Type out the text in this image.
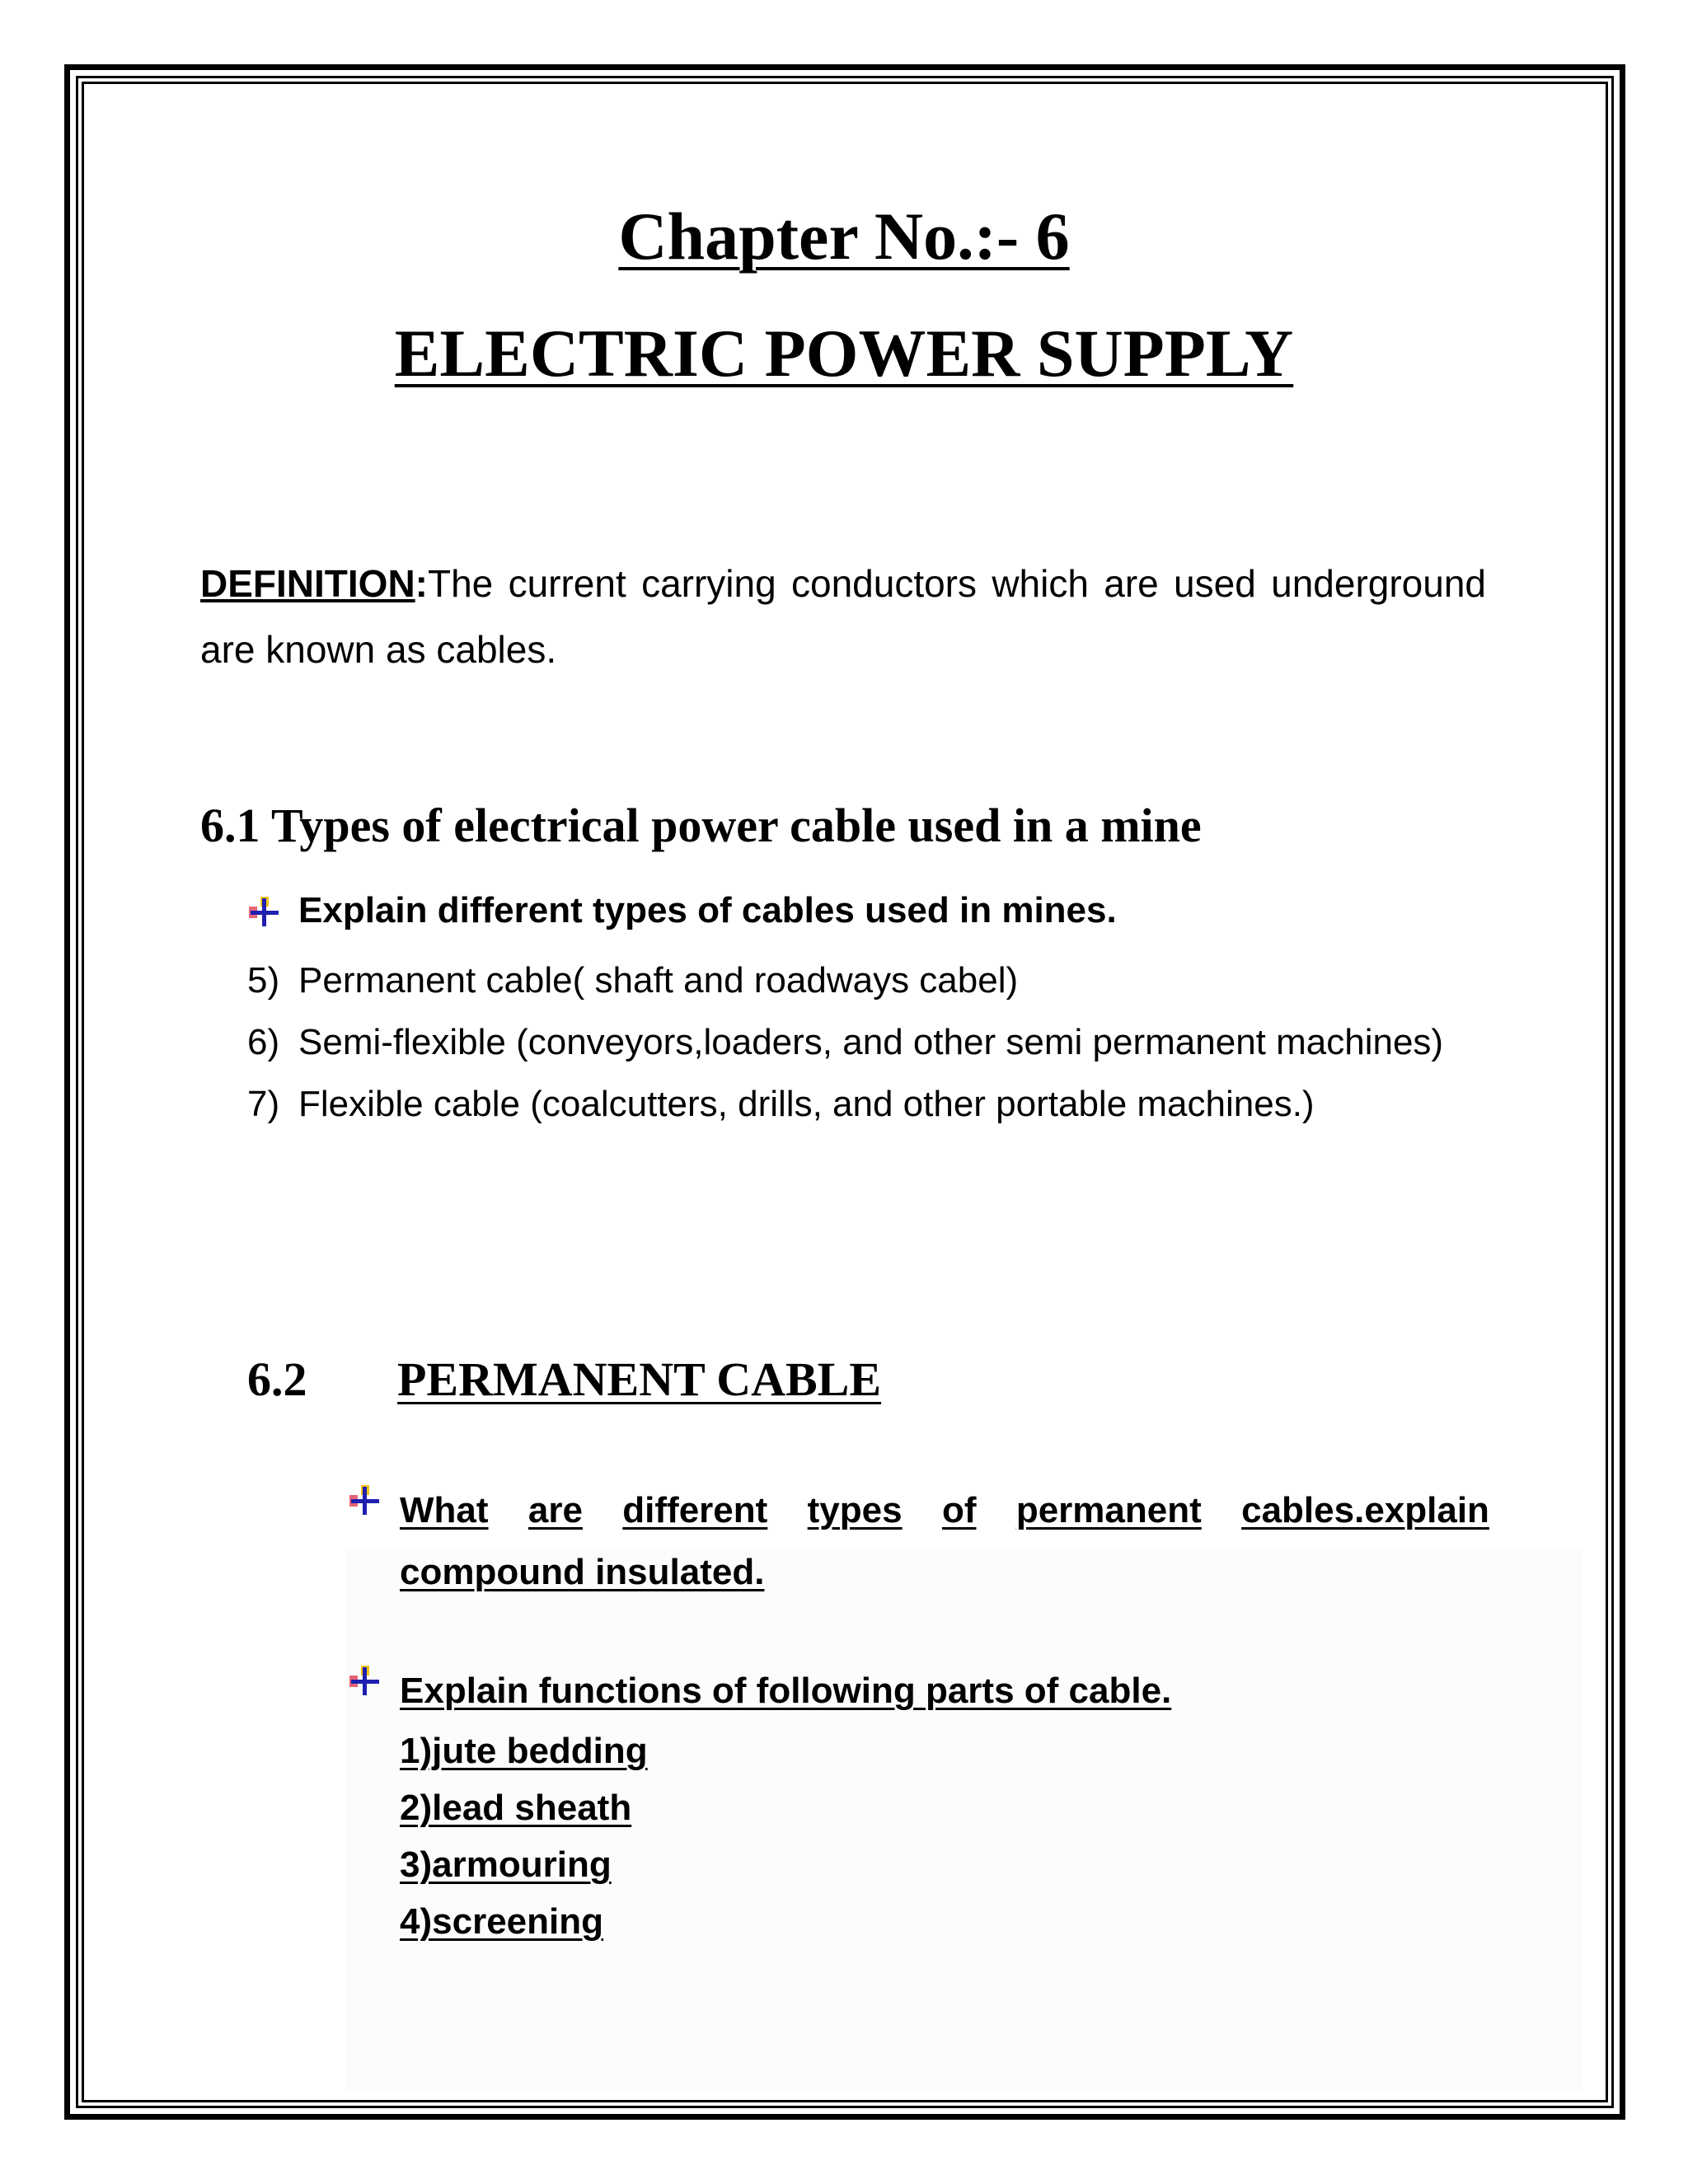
Chapter No.:- 6
ELECTRIC POWER SUPPLY
DEFINITION:The current carrying conductors which are used underground are known as cables.
6.1 Types of electrical power cable used in a mine
Explain different types of cables used in mines.
5) Permanent cable( shaft and roadways cabel)
6) Semi-flexible (conveyors,loaders, and other semi permanent machines)
7) Flexible cable (coalcutters, drills, and other portable machines.)
6.2 PERMANENT CABLE
What are different types of permanent cables.explain
compound insulated.
Explain functions of following parts of cable.
1)jute bedding
2)lead sheath
3)armouring
4)screening
